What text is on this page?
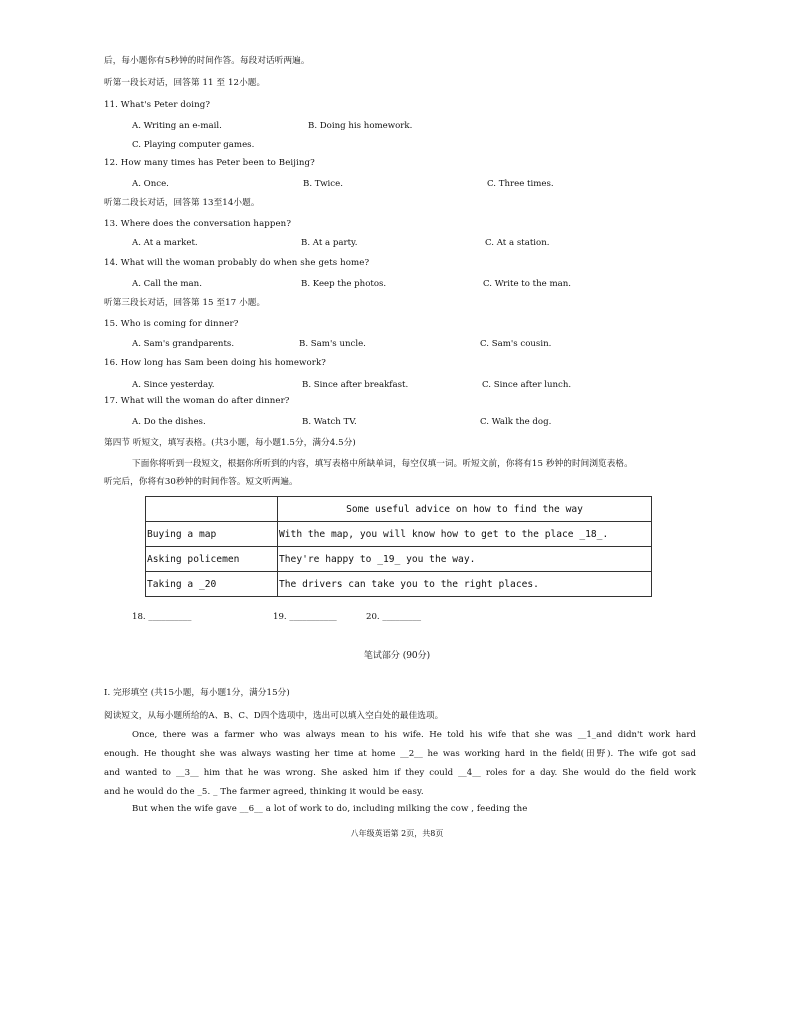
后，每小题你有5秒钟的时间作答。每段对话听两遍。
听第一段长对话，回答第 11 至 12小题。
11. What's Peter doing?
A. Writing an e-mail.	B. Doing his homework.
C. Playing computer games.
12. How many times has Peter been to Beijing?
A. Once.	B. Twice.	C. Three times.
听第二段长对话，回答第 13至14小题。
13. Where does the conversation happen?
A. At a market.	B. At a party.	C. At a station.
14. What will the woman probably do when she gets home?
A. Call the man.	B. Keep the photos.	C. Write to the man.
听第三段长对话，回答第 15 至17 小题。
15. Who is coming for dinner?
A. Sam's grandparents.	B. Sam's uncle.	C. Sam's cousin.
16. How long has Sam been doing his homework?
A. Since yesterday.	B. Since after breakfast.	C. Since after lunch.
17. What will the woman do after dinner?
A. Do the dishes.	B. Watch TV.	C. Walk the dog.
第四节 听短文，填写表格。(共3小题，每小题1.5分，满分4.5分)
下面你将听到一段短文，根据你所听到的内容，填写表格中所缺单词，每空仅填一词。听短文前，你将有15 秒钟的时间浏览表格。
听完后，你将有30秒钟的时间作答。短文听两遍。
	Some useful advice on how to find the way
Buying a map	With the map, you will know how to get to the place _18_.
Asking policemen	They're happy to _19_ you the way.
Taking a _20	The drivers can take you to the right places.
18. __________	19. ___________	20. _________
笔试部分 (90分)
I. 完形填空 (共15小题，每小题1分，满分15分)
阅读短文，从每小题所给的A、B、C、D四个选项中，选出可以填入空白处的最佳选项。
Once, there was a farmer who was always mean to his wife. He told his wife that she was __1_and didn't work hard
enough. He thought she was always wasting her time at home __2__ he was working hard in the field(田野). The wife got sad
and wanted to __3__ him that he was wrong. She asked him if they could __4__ roles for a day. She would do the field work
and he would do the _5. _ The farmer agreed, thinking it would be easy.
But when the wife gave __6__ a lot of work to do, including milking the cow , feeding the
八年级英语第 2页，共8页
